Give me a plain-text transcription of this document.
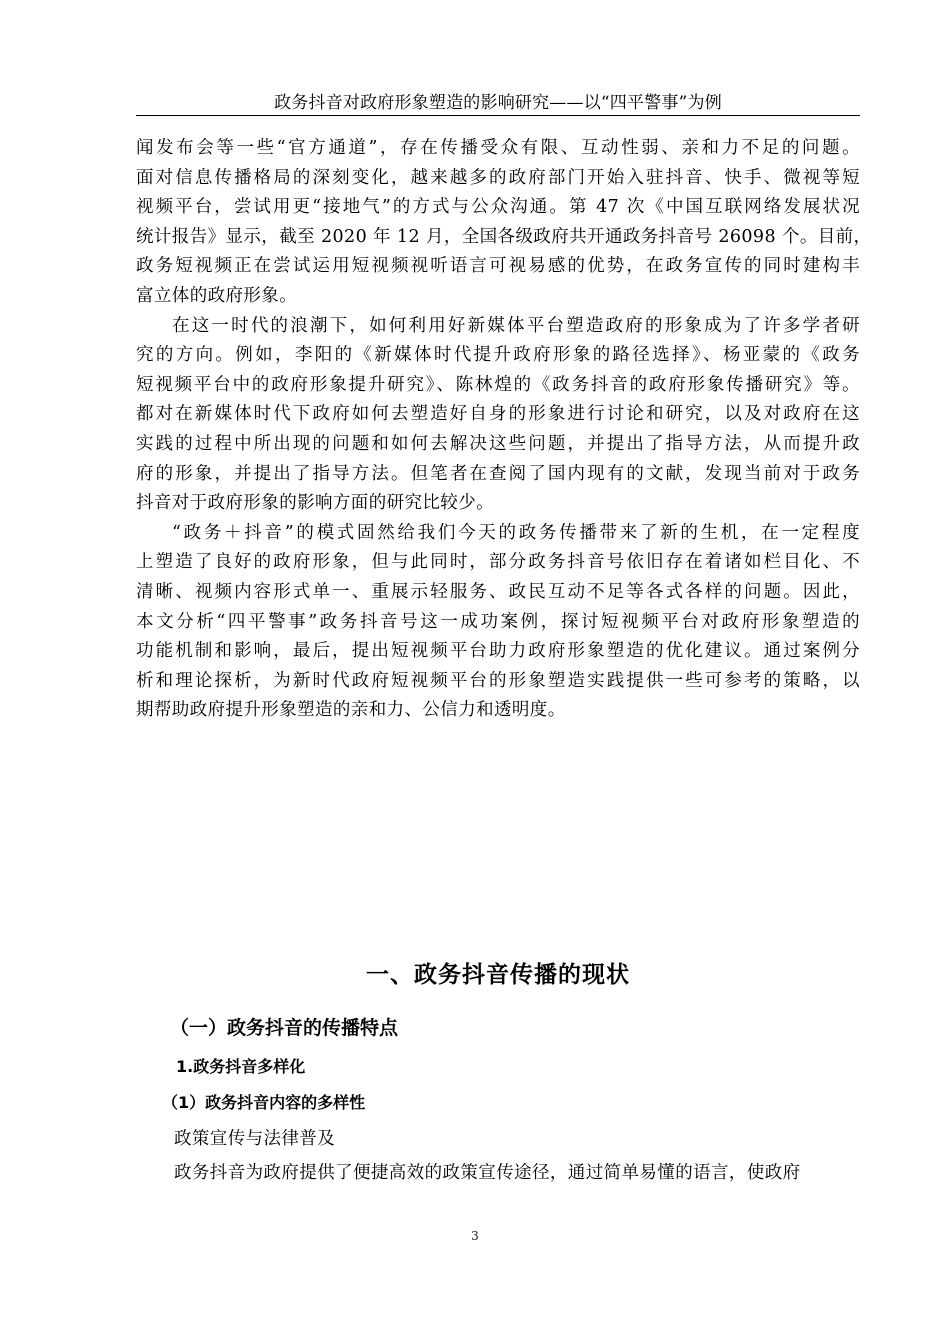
政务抖音对政府形象塑造的影响研究——以“四平警事”为例

闻发布会等一些“官方通道”，存在传播受众有限、互动性弱、亲和力不足的问题。
面对信息传播格局的深刻变化，越来越多的政府部门开始入驻抖音、快手、微视等短
视频平台，尝试用更“接地气”的方式与公众沟通。第 47 次《中国互联网络发展状况
统计报告》显示，截至 2020 年 12 月，全国各级政府共开通政务抖音号 26098 个。目前，
政务短视频正在尝试运用短视频视听语言可视易感的优势，在政务宣传的同时建构丰
富立体的政府形象。

在这一时代的浪潮下，如何利用好新媒体平台塑造政府的形象成为了许多学者研
究的方向。例如，李阳的《新媒体时代提升政府形象的路径选择》、杨亚蒙的《政务
短视频平台中的政府形象提升研究》、陈林煌的《政务抖音的政府形象传播研究》等。
都对在新媒体时代下政府如何去塑造好自身的形象进行讨论和研究，以及对政府在这
实践的过程中所出现的问题和如何去解决这些问题，并提出了指导方法，从而提升政
府的形象，并提出了指导方法。但笔者在查阅了国内现有的文献，发现当前对于政务
抖音对于政府形象的影响方面的研究比较少。

“政务＋抖音”的模式固然给我们今天的政务传播带来了新的生机，在一定程度
上塑造了良好的政府形象，但与此同时，部分政务抖音号依旧存在着诸如栏目化、不
清晰、视频内容形式单一、重展示轻服务、政民互动不足等各式各样的问题。因此，
本文分析“四平警事”政务抖音号这一成功案例，探讨短视频平台对政府形象塑造的
功能机制和影响，最后，提出短视频平台助力政府形象塑造的优化建议。通过案例分
析和理论探析，为新时代政府短视频平台的形象塑造实践提供一些可参考的策略，以
期帮助政府提升形象塑造的亲和力、公信力和透明度。

一、政务抖音传播的现状
（一）政务抖音的传播特点
1.政务抖音多样化
（1）政务抖音内容的多样性
政策宣传与法律普及
政务抖音为政府提供了便捷高效的政策宣传途径，通过简单易懂的语言，使政府
3
